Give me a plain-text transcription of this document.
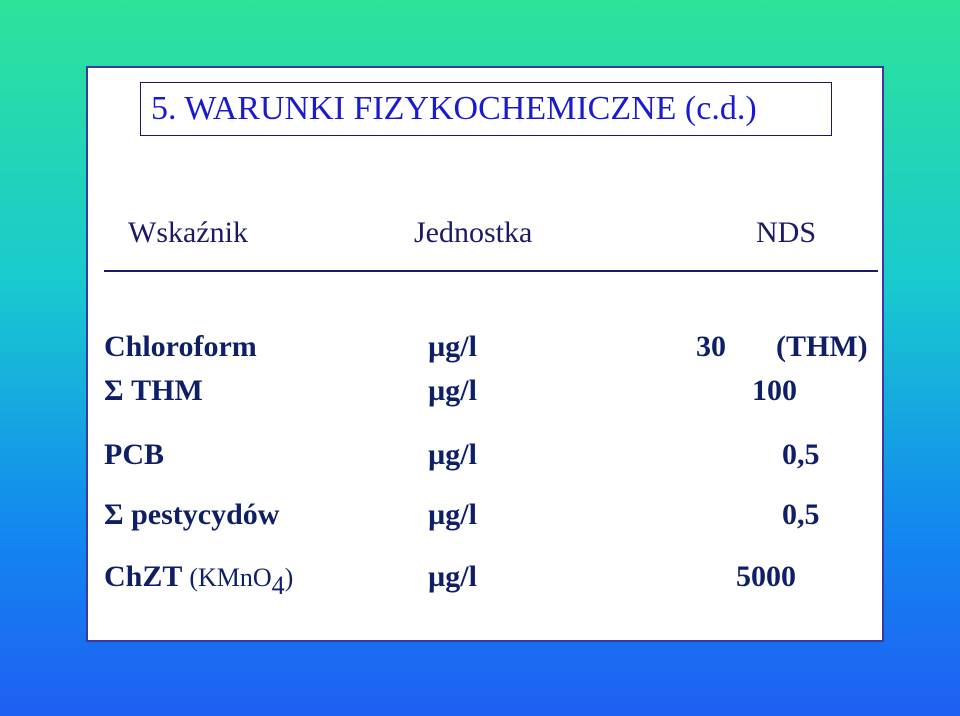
5. WARUNKI FIZYKOCHEMICZNE (c.d.)
Wskaźnik	Jednostka	NDS
Chloroform	µg/l	30 (THM)
Σ THM	µg/l	100
PCB	µg/l	0,5
Σ pestycydów	µg/l	0,5
ChZT (KMnO4)	µg/l	5000
